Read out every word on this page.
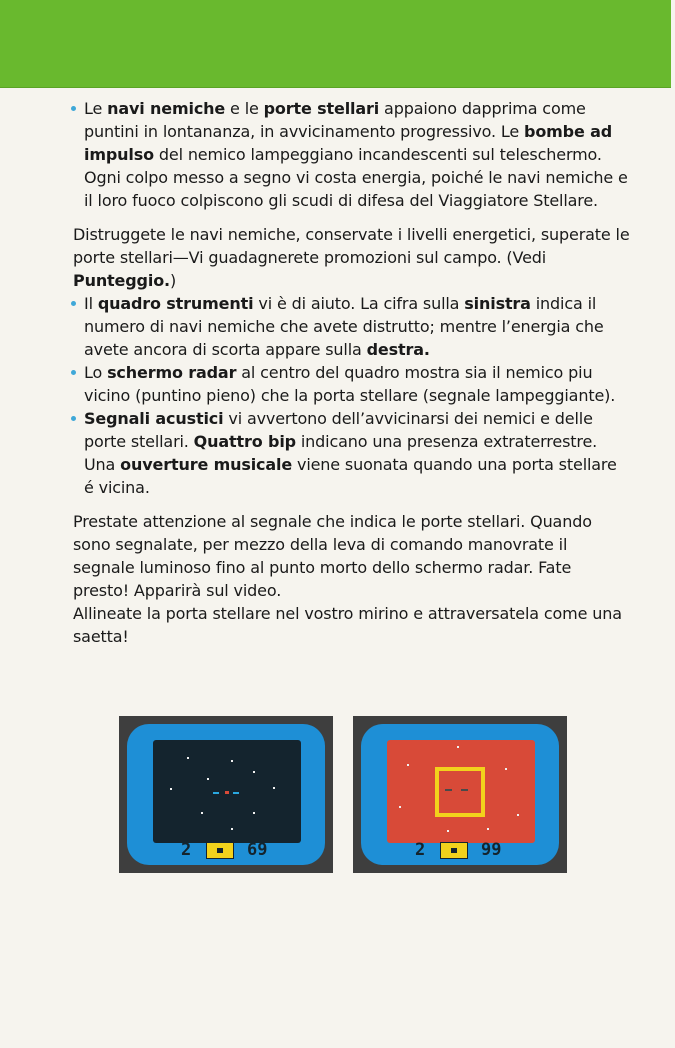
Le navi nemiche e le porte stellari appaiono dapprima come puntini in lontananza, in avvicinamento progressivo. Le bombe ad impulso del nemico lampeggiano incandescenti sul teleschermo. Ogni colpo messo a segno vi costa energia, poiché le navi nemiche e il loro fuoco colpiscono gli scudi di difesa del Viaggiatore Stellare.

Distruggete le navi nemiche, conservate i livelli energetici, superate le porte stellari—Vi guadagnerete promozioni sul campo. (Vedi Punteggio.)

Il quadro strumenti vi è di aiuto. La cifra sulla sinistra indica il numero di navi nemiche che avete distrutto; mentre l’energia che avete ancora di scorta appare sulla destra.

Lo schermo radar al centro del quadro mostra sia il nemico piu vicino (puntino pieno) che la porta stellare (segnale lampeggiante).

Segnali acustici vi avvertono dell’avvicinarsi dei nemici e delle porte stellari. Quattro bip indicano una presenza extraterrestre. Una ouverture musicale viene suonata quando una porta stellare é vicina.

Prestate attenzione al segnale che indica le porte stellari. Quando sono segnalate, per mezzo della leva di comando manovrate il segnale luminoso fino al punto morto dello schermo radar. Fate presto! Apparirà sul video.

Allineate la porta stellare nel vostro mirino e attraversatela come una saetta!

2	69	2	99
